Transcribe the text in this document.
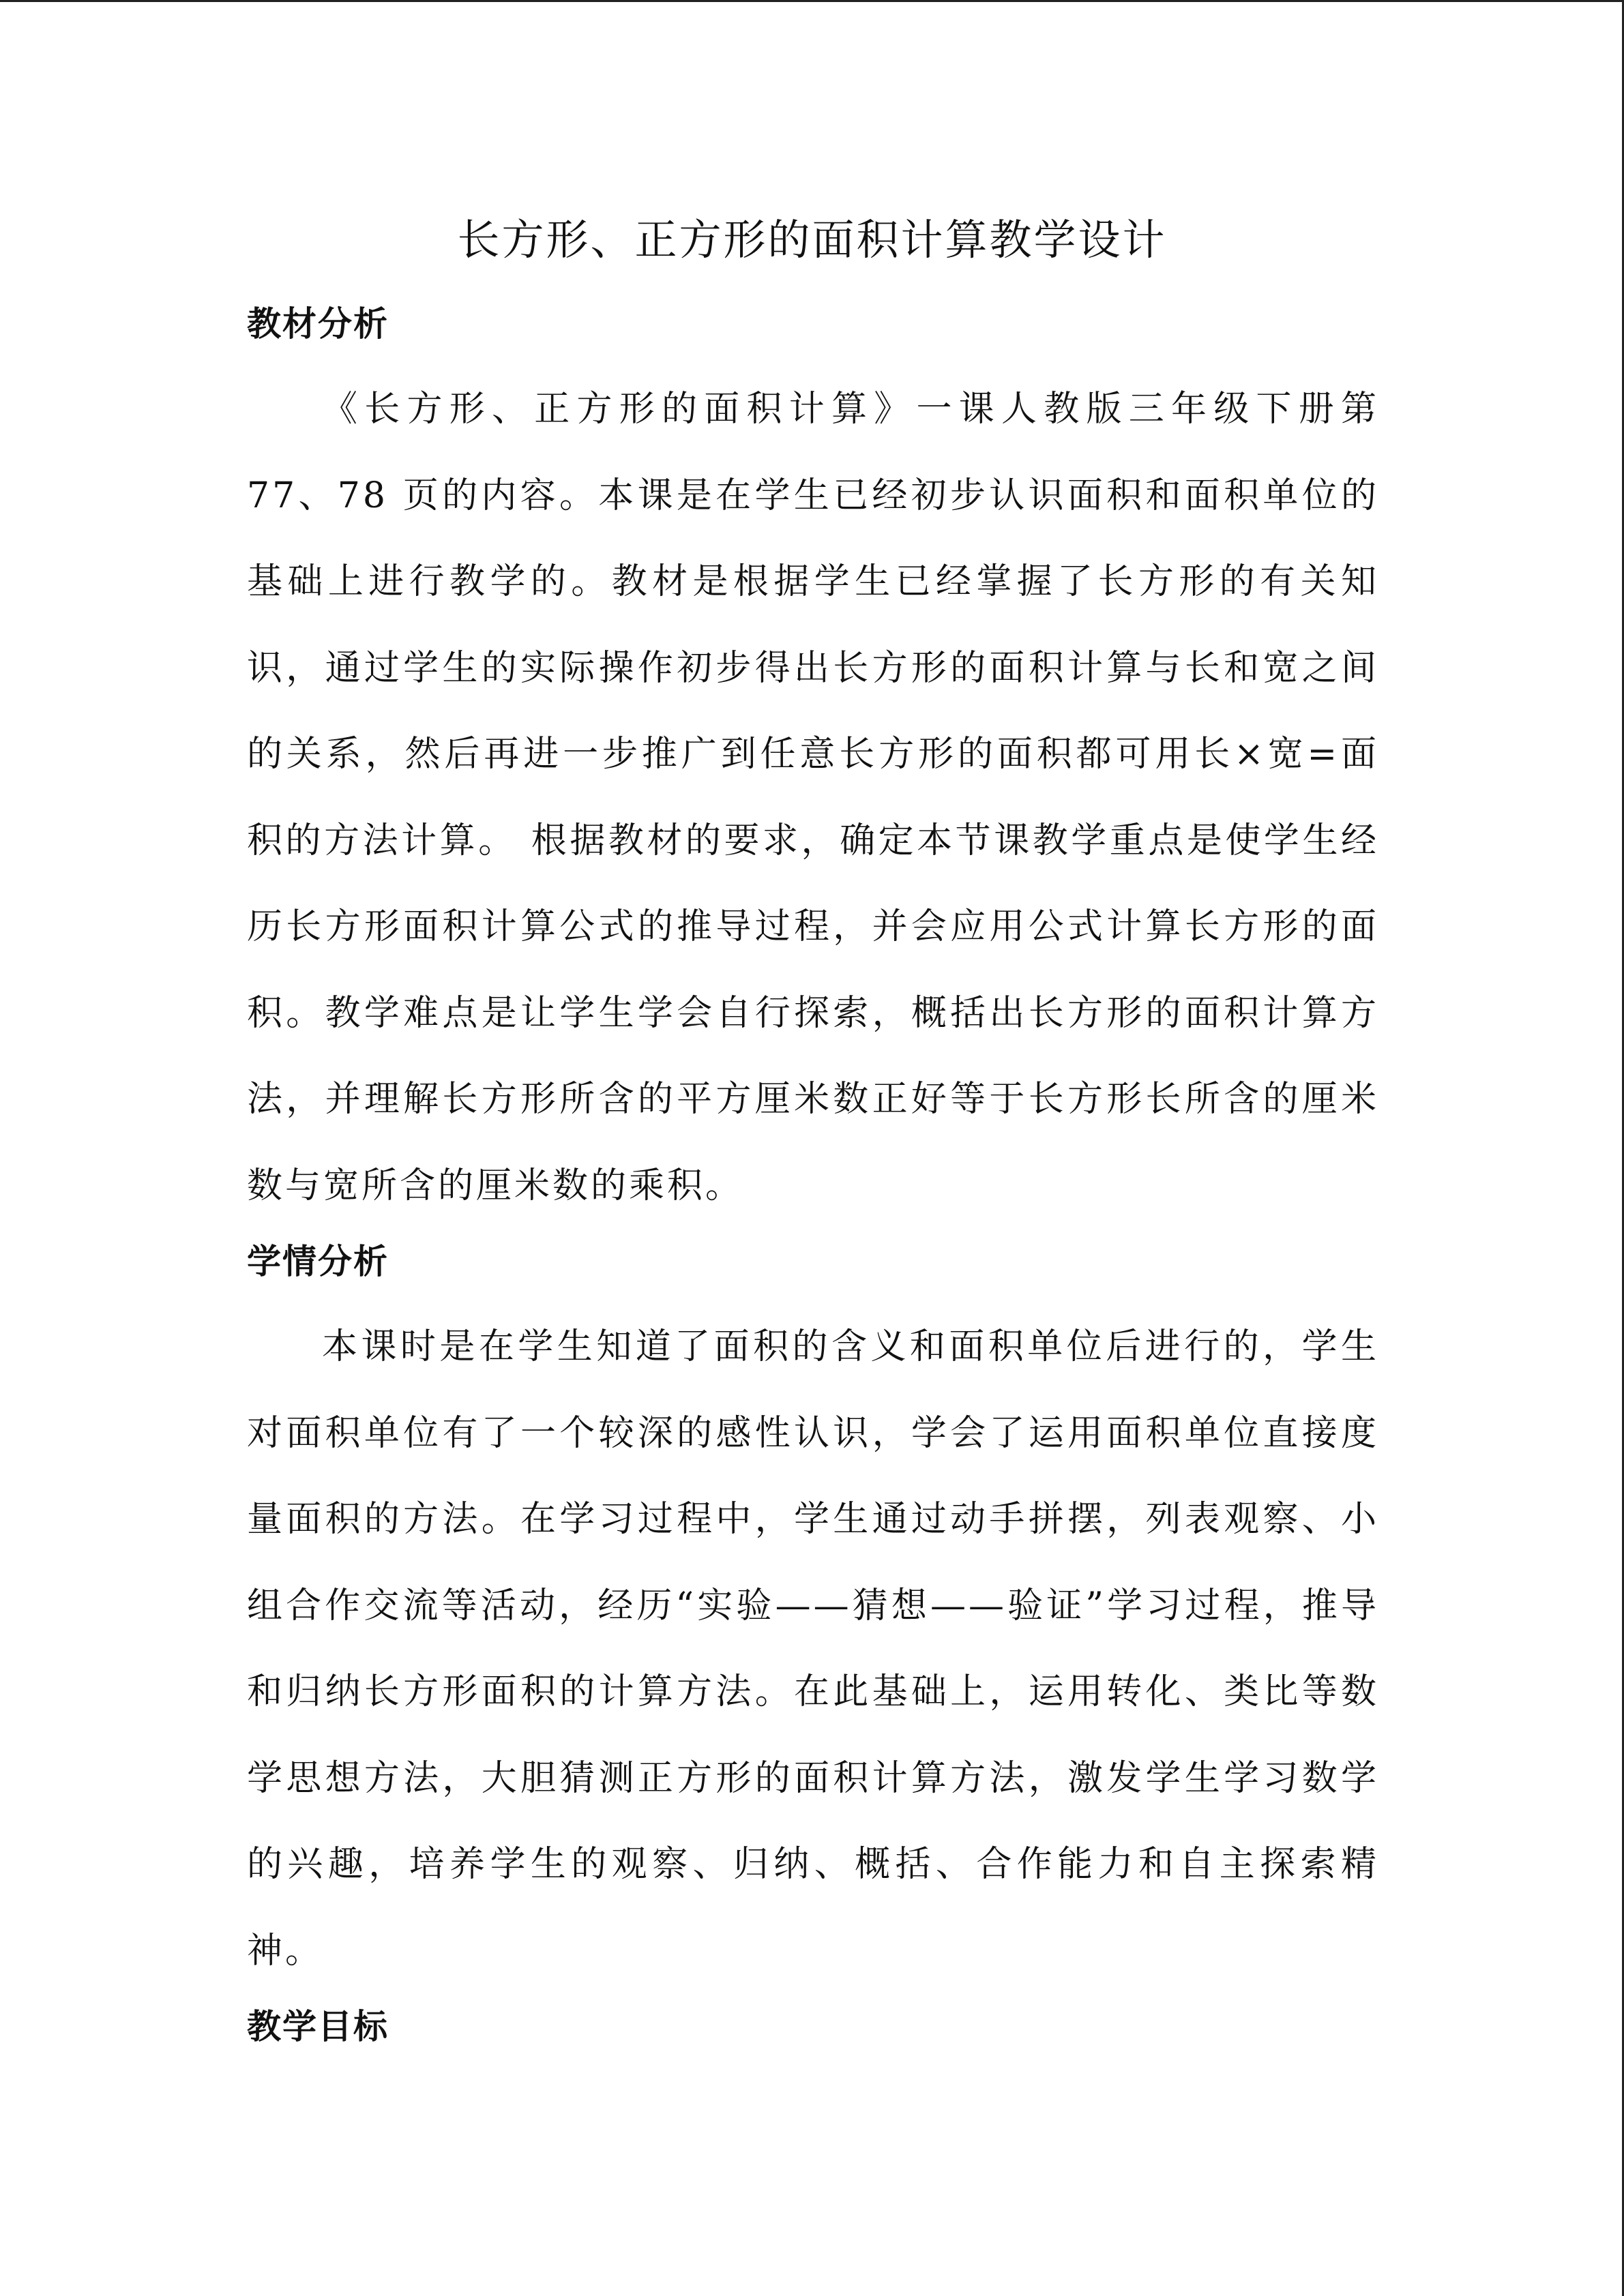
长方形、正方形的面积计算教学设计
教材分析

《长方形、正方形的面积计算》一课人教版三年级下册第 77、78 页的内容。本课是在学生已经初步认识面积和面积单位的基础上进行教学的。教材是根据学生已经掌握了长方形的有关知识，通过学生的实际操作初步得出长方形的面积计算与长和宽之间的关系，然后再进一步推广到任意长方形的面积都可用长×宽=面积的方法计算。 根据教材的要求，确定本节课教学重点是使学生经历长方形面积计算公式的推导过程，并会应用公式计算长方形的面积。教学难点是让学生学会自行探索，概括出长方形的面积计算方法，并理解长方形所含的平方厘米数正好等于长方形长所含的厘米数与宽所含的厘米数的乘积。

学情分析

本课时是在学生知道了面积的含义和面积单位后进行的，学生对面积单位有了一个较深的感性认识，学会了运用面积单位直接度量面积的方法。在学习过程中，学生通过动手拼摆，列表观察、小组合作交流等活动，经历“实验——猜想——验证”学习过程，推导和归纳长方形面积的计算方法。在此基础上，运用转化、类比等数学思想方法，大胆猜测正方形的面积计算方法，激发学生学习数学的兴趣，培养学生的观察、归纳、概括、合作能力和自主探索精神。

教学目标
